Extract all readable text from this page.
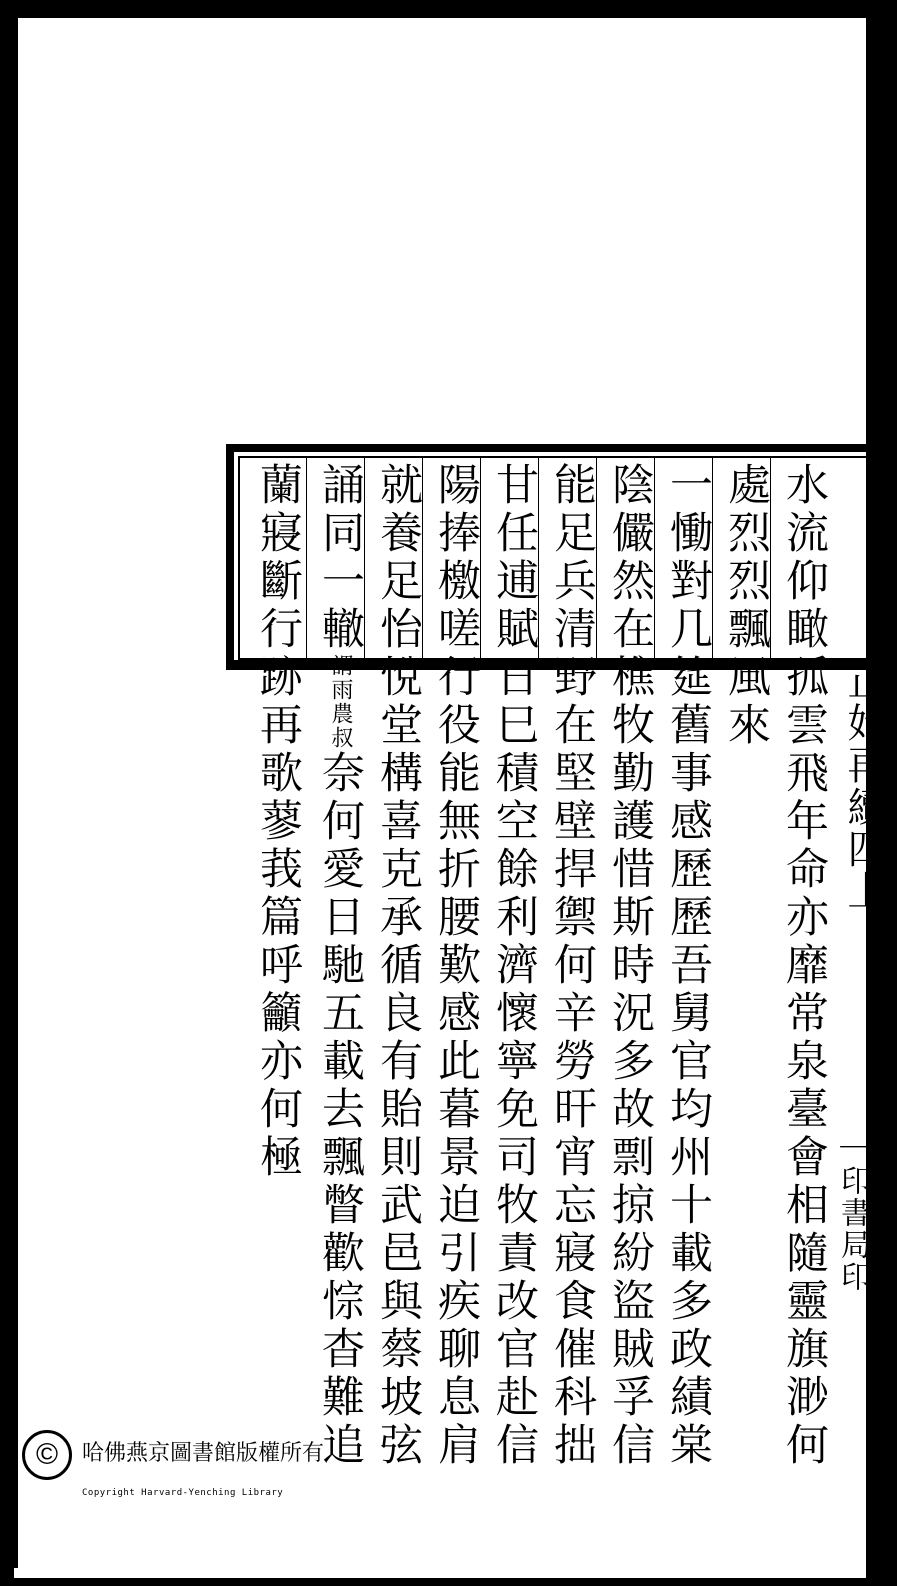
水流仰瞰孤雲飛年命亦靡常泉臺會相隨靈旗渺何
處烈烈飄風來
一慟對几筵舊事感歷歷吾舅官均州十載多政績棠
陰儼然在樵牧勤護惜斯時況多故剽掠紛盜賊孚信
能足兵清野在堅壁捍禦何辛勞旰宵忘寢食催科拙
甘任逋賦日巳積空餘利濟懷寧免司牧責改官赴信
陽捧檄嗟行役能無折腰歎感此暮景迫引疾聊息肩
就養足怡悅堂構喜克承循良有貽則武邑與蔡坡弦
誦同一轍謂雨農叔奈何愛日馳五載去飄瞥歡悰杳難追
蘭寢斷行跡再歌蓼莪篇呼籲亦何極	正始再續四上
一
印書局印
©	哈佛燕京圖書館版權所有
Copyright Harvard-Yenching Library
